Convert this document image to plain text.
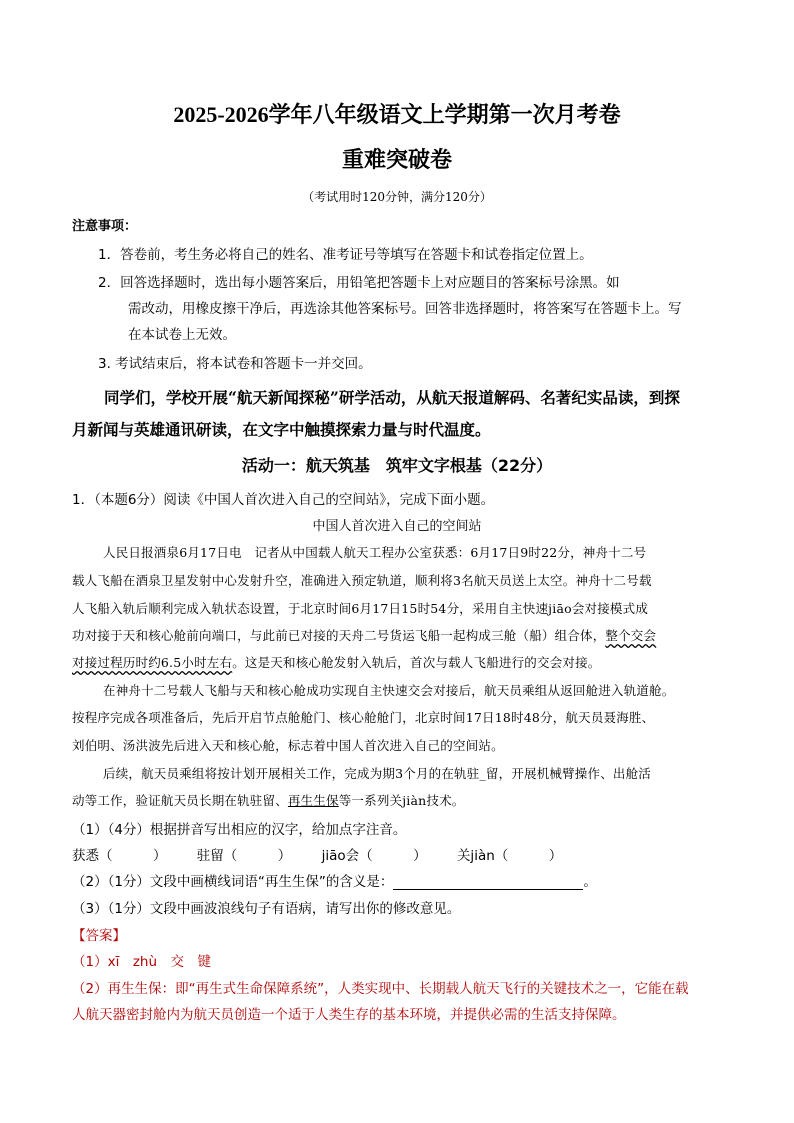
2025-2026学年八年级语文上学期第一次月考卷
重难突破卷
（考试用时120分钟，满分120分）
注意事项：
1．答卷前，考生务必将自己的姓名、准考证号等填写在答题卡和试卷指定位置上。
2．回答选择题时，选出每小题答案后，用铅笔把答题卡上对应题目的答案标号涂黑。如
需改动，用橡皮擦干净后，再选涂其他答案标号。回答非选择题时，将答案写在答题卡上。写
在本试卷上无效。
3. 考试结束后，将本试卷和答题卡一并交回。
同学们，学校开展“航天新闻探秘”研学活动，从航天报道解码、名著纪实品读，到探
月新闻与英雄通讯研读，在文字中触摸探索力量与时代温度。
活动一：航天筑基　筑牢文字根基（22分）
1．（本题6分）阅读《中国人首次进入自己的空间站》，完成下面小题。
中国人首次进入自己的空间站
人民日报酒泉6月17日电　记者从中国载人航天工程办公室获悉：6月17日9时22分，神舟十二号
载人飞船在酒泉卫星发射中心发射升空，准确进入预定轨道，顺利将3名航天员送上太空。神舟十二号载
人飞船入轨后顺利完成入轨状态设置，于北京时间6月17日15时54分，采用自主快速jiāo会对接模式成
功对接于天和核心舱前向端口，与此前已对接的天舟二号货运飞船一起构成三舱（船）组合体，整个交会
对接过程历时约6.5小时左右。这是天和核心舱发射入轨后，首次与载人飞船进行的交会对接。
在神舟十二号载人飞船与天和核心舱成功实现自主快速交会对接后，航天员乘组从返回舱进入轨道舱。
按程序完成各项准备后，先后开启节点舱舱门、核心舱舱门，北京时间17日18时48分，航天员聂海胜、
刘伯明、汤洪波先后进入天和核心舱，标志着中国人首次进入自己的空间站。
后续，航天员乘组将按计划开展相关工作，完成为期3个月的在轨驻_留，开展机械臂操作、出舱活
动等工作，验证航天员长期在轨驻留、再生生保等一系列关jiàn技术。
（1）（4分）根据拼音写出相应的汉字，给加点字注音。
获悉（　　　） 驻留（　　　） jiāo会（　　　） 关jiàn（　　　）
（2）（1分）文段中画横线词语“再生生保”的含义是：	。
（3）（1分）文段中画波浪线句子有语病，请写出你的修改意见。
【答案】
（1）xī　zhù　交　键
（2）再生生保：即“再生式生命保障系统”，人类实现中、长期载人航天飞行的关键技术之一，它能在载
人航天器密封舱内为航天员创造一个适于人类生存的基本环境，并提供必需的生活支持保障。
